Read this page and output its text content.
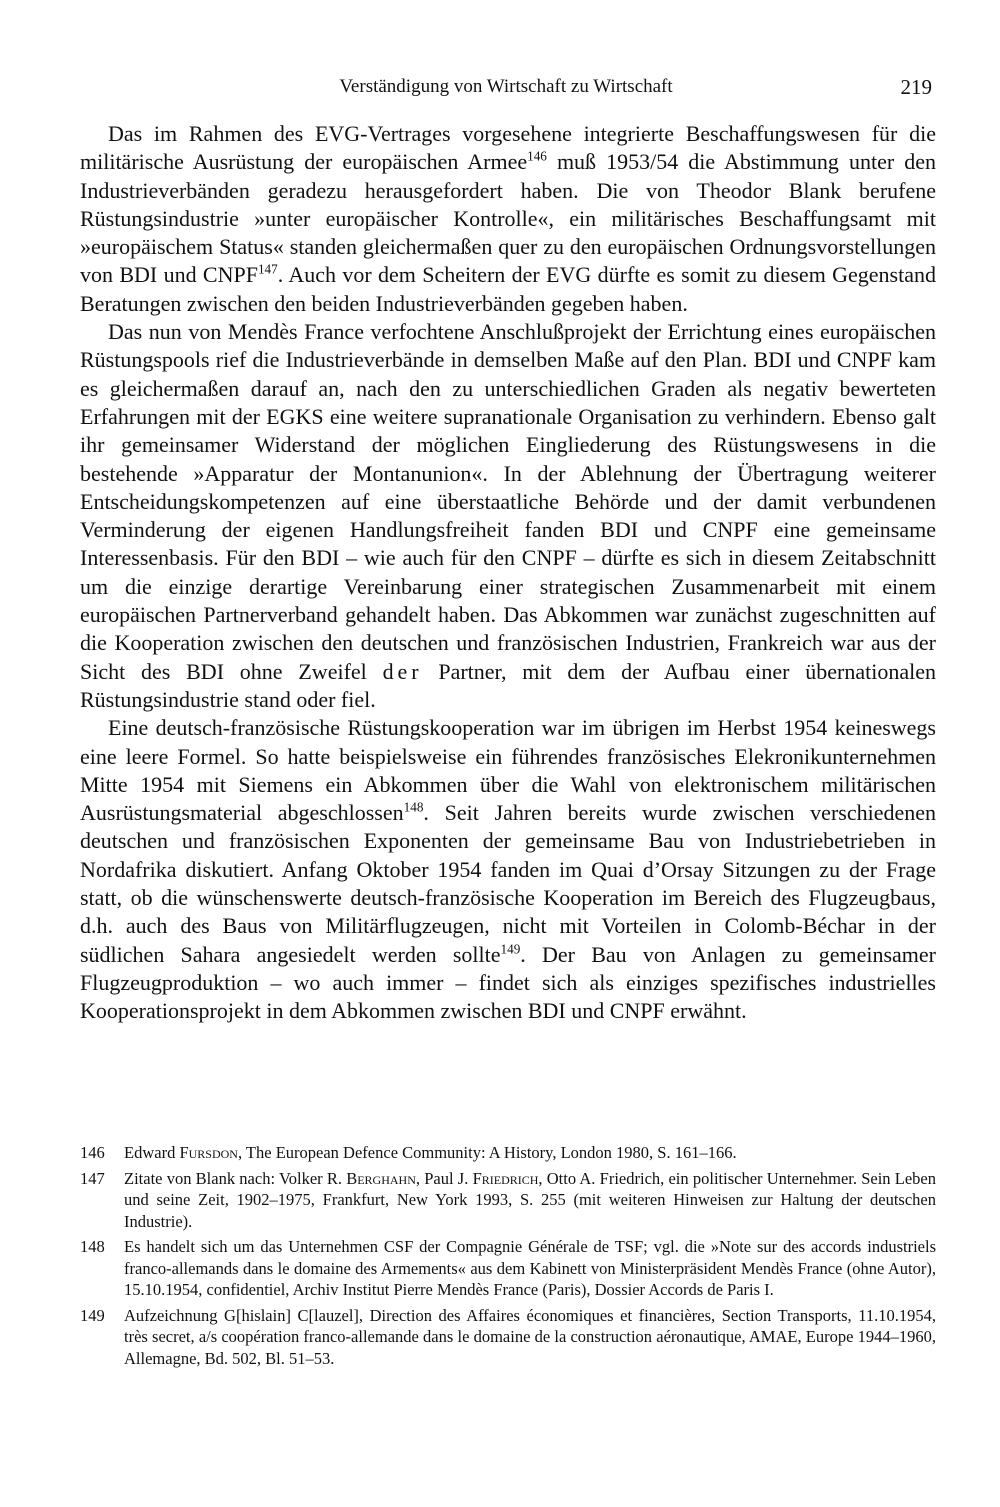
Verständigung von Wirtschaft zu Wirtschaft	219

Das im Rahmen des EVG-Vertrages vorgesehene integrierte Beschaffungswesen für die militärische Ausrüstung der europäischen Armee$^{146}$ muß 1953/54 die Abstimmung unter den Industrieverbänden geradezu herausgefordert haben. Die von Theodor Blank berufene Rüstungsindustrie »unter europäischer Kontrolle«, ein militärisches Beschaffungsamt mit »europäischem Status« standen gleichermaßen quer zu den europäischen Ordnungsvorstellungen von BDI und CNPF$^{147}$. Auch vor dem Scheitern der EVG dürfte es somit zu diesem Gegenstand Beratungen zwischen den beiden Industrieverbänden gegeben haben.

Das nun von Mendès France verfochtene Anschlußprojekt der Errichtung eines europäischen Rüstungspools rief die Industrieverbände in demselben Maße auf den Plan. BDI und CNPF kam es gleichermaßen darauf an, nach den zu unterschiedlichen Graden als negativ bewerteten Erfahrungen mit der EGKS eine weitere supranationale Organisation zu verhindern. Ebenso galt ihr gemeinsamer Widerstand der möglichen Eingliederung des Rüstungswesens in die bestehende »Apparatur der Montanunion«. In der Ablehnung der Übertragung weiterer Entscheidungskompetenzen auf eine überstaatliche Behörde und der damit verbundenen Verminderung der eigenen Handlungsfreiheit fanden BDI und CNPF eine gemeinsame Interessenbasis. Für den BDI – wie auch für den CNPF – dürfte es sich in diesem Zeitabschnitt um die einzige derartige Vereinbarung einer strategischen Zusammenarbeit mit einem europäischen Partnerverband gehandelt haben. Das Abkommen war zunächst zugeschnitten auf die Kooperation zwischen den deutschen und französischen Industrien, Frankreich war aus der Sicht des BDI ohne Zweifel der Partner, mit dem der Aufbau einer übernationalen Rüstungsindustrie stand oder fiel.

Eine deutsch-französische Rüstungskooperation war im übrigen im Herbst 1954 keineswegs eine leere Formel. So hatte beispielsweise ein führendes französisches Elekronikunternehmen Mitte 1954 mit Siemens ein Abkommen über die Wahl von elektronischem militärischen Ausrüstungsmaterial abgeschlossen$^{148}$. Seit Jahren bereits wurde zwischen verschiedenen deutschen und französischen Exponenten der gemeinsame Bau von Industriebetrieben in Nordafrika diskutiert. Anfang Oktober 1954 fanden im Quai d’Orsay Sitzungen zu der Frage statt, ob die wünschenswerte deutsch-französische Kooperation im Bereich des Flugzeugbaus, d.h. auch des Baus von Militärflugzeugen, nicht mit Vorteilen in Colomb-Béchar in der südlichen Sahara angesiedelt werden sollte$^{149}$. Der Bau von Anlagen zu gemeinsamer Flugzeugproduktion – wo auch immer – findet sich als einziges spezifisches industrielles Kooperationsprojekt in dem Abkommen zwischen BDI und CNPF erwähnt.

146	Edward Fursdon, The European Defence Community: A History, London 1980, S. 161–166.
147	Zitate von Blank nach: Volker R. Berghahn, Paul J. Friedrich, Otto A. Friedrich, ein politischer Unternehmer. Sein Leben und seine Zeit, 1902–1975, Frankfurt, New York 1993, S. 255 (mit weiteren Hinweisen zur Haltung der deutschen Industrie).
148	Es handelt sich um das Unternehmen CSF der Compagnie Générale de TSF; vgl. die »Note sur des accords industriels franco-allemands dans le domaine des Armements« aus dem Kabinett von Ministerpräsident Mendès France (ohne Autor), 15.10.1954, confidentiel, Archiv Institut Pierre Mendès France (Paris), Dossier Accords de Paris I.
149	Aufzeichnung G[hislain] C[lauzel], Direction des Affaires économiques et financières, Section Transports, 11.10.1954, très secret, a/s coopération franco-allemande dans le domaine de la construction aéronautique, AMAE, Europe 1944–1960, Allemagne, Bd. 502, Bl. 51–53.
